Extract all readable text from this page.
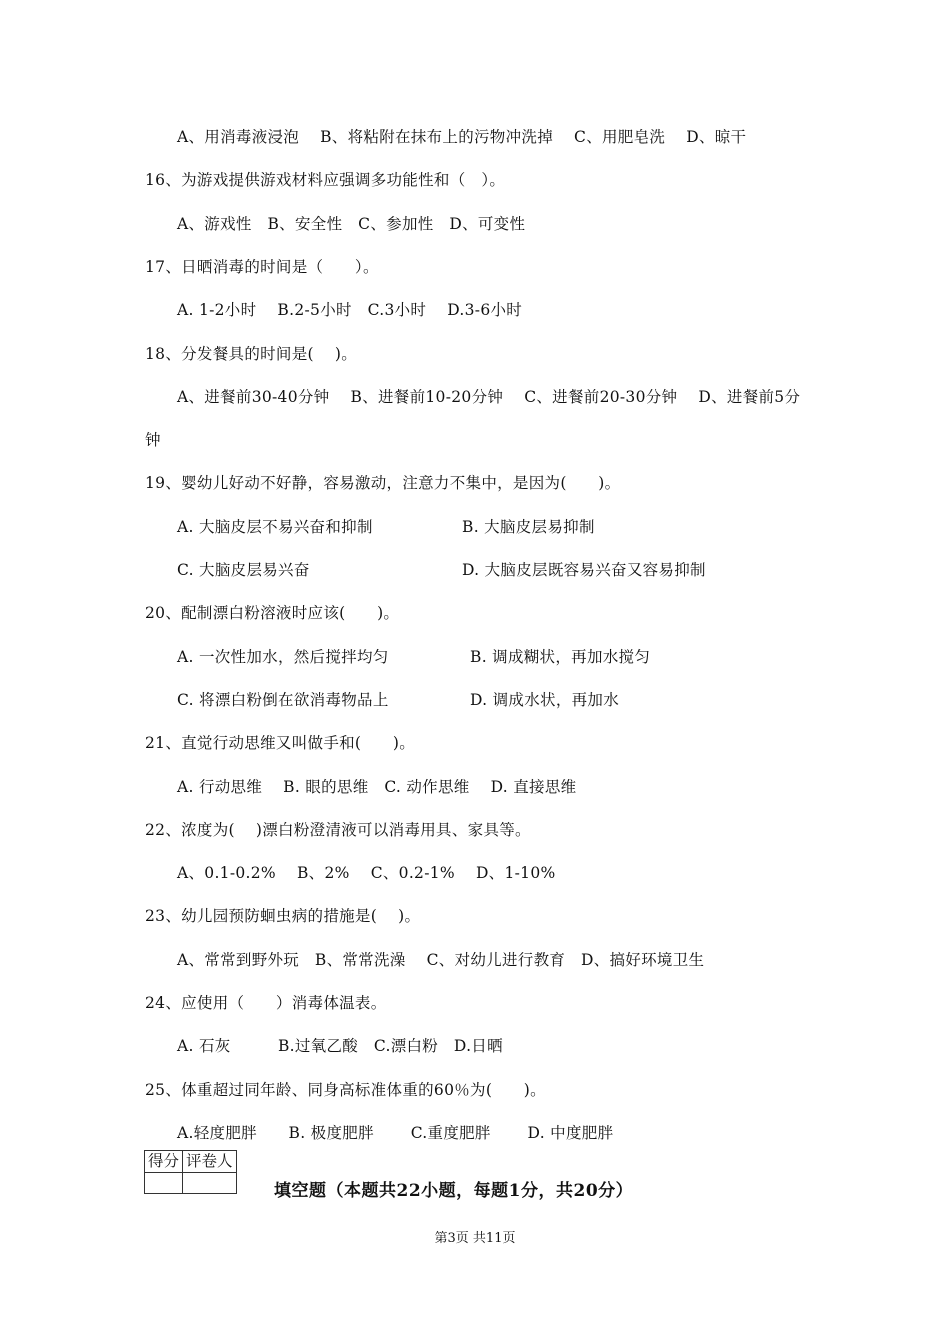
A、用消毒液浸泡　 B、将粘附在抹布上的污物冲洗掉　 C、用肥皂洗　 D、晾干
16、为游戏提供游戏材料应强调多功能性和（　）。
A、游戏性　B、安全性　C、参加性　D、可变性
17、日晒消毒的时间是（　　）。
A. 1-2小时　 B.2-5小时　C.3小时　 D.3-6小时
18、分发餐具的时间是(　 )。
A、进餐前30-40分钟　 B、进餐前10-20分钟　 C、进餐前20-30分钟　 D、进餐前5分
钟
19、婴幼儿好动不好静，容易激动，注意力不集中，是因为(　　)。
A. 大脑皮层不易兴奋和抑制	B. 大脑皮层易抑制
C. 大脑皮层易兴奋	D. 大脑皮层既容易兴奋又容易抑制
20、配制漂白粉溶液时应该(　　)。
A. 一次性加水，然后搅拌均匀	B. 调成糊状，再加水搅匀
C. 将漂白粉倒在欲消毒物品上	D. 调成水状，再加水
21、直觉行动思维又叫做手和(　　)。
A. 行动思维　 B. 眼的思维　C. 动作思维　 D. 直接思维
22、浓度为(　 )漂白粉澄清液可以消毒用具、家具等。
A、0.1-0.2%　 B、2%　 C、0.2-1%　 D、1-10%
23、幼儿园预防蛔虫病的措施是(　 )。
A、常常到野外玩　B、常常洗澡　 C、对幼儿进行教育　D、搞好环境卫生
24、应使用（　　）消毒体温表。
A. 石灰　　　B.过氧乙酸　C.漂白粉　D.日晒
25、体重超过同年龄、同身高标准体重的60％为(　　)。
A.轻度肥胖　　B. 极度肥胖　　 C.重度肥胖　　 D. 中度肥胖
得分	评卷人

填空题（本题共22小题，每题1分，共20分）
第3页 共11页
